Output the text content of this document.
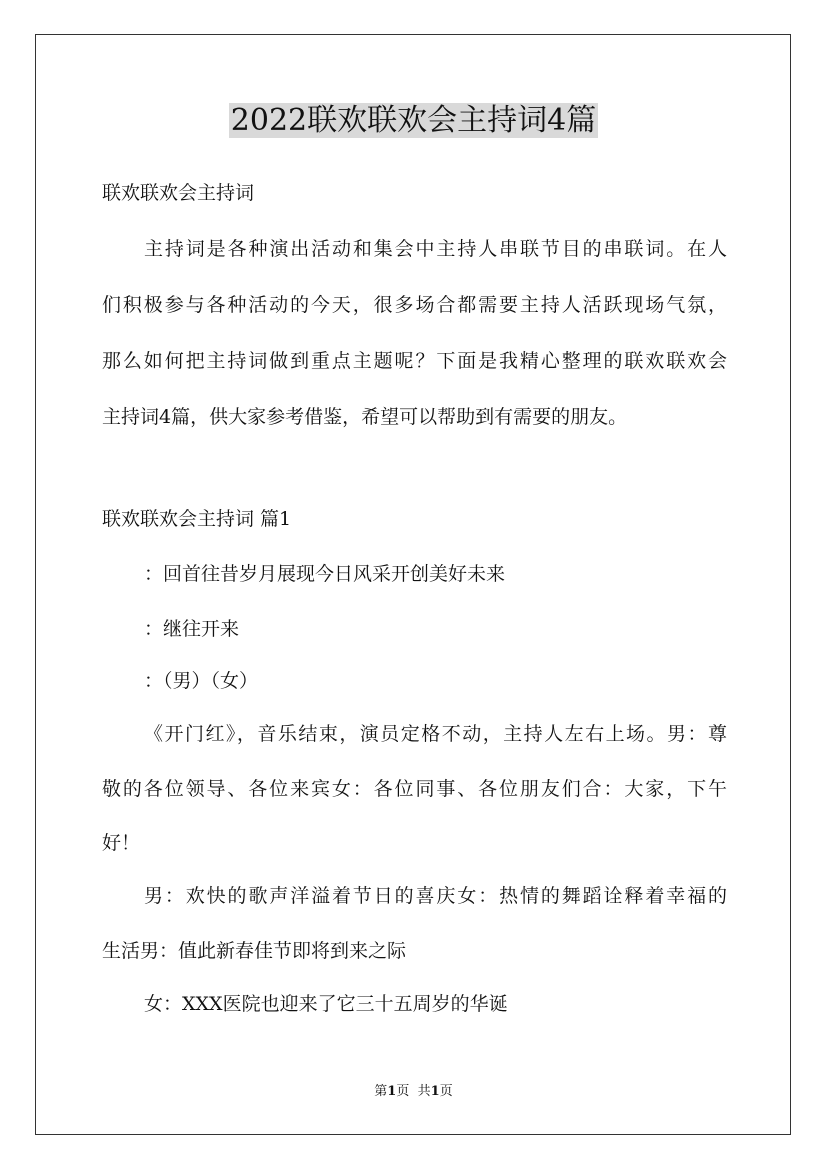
2022联欢联欢会主持词4篇
联欢联欢会主持词
主持词是各种演出活动和集会中主持人串联节目的串联词。在人
们积极参与各种活动的今天，很多场合都需要主持人活跃现场气氛，
那么如何把主持词做到重点主题呢？下面是我精心整理的联欢联欢会
主持词4篇，供大家参考借鉴，希望可以帮助到有需要的朋友。
联欢联欢会主持词 篇1
：回首往昔岁月展现今日风采开创美好未来
：继往开来
：（男）（女）
《开门红》，音乐结束，演员定格不动，主持人左右上场。男：尊
敬的各位领导、各位来宾女：各位同事、各位朋友们合：大家，下午
好！
男：欢快的歌声洋溢着节日的喜庆女：热情的舞蹈诠释着幸福的
生活男：值此新春佳节即将到来之际
女：XXX医院也迎来了它三十五周岁的华诞
第1页 共1页
